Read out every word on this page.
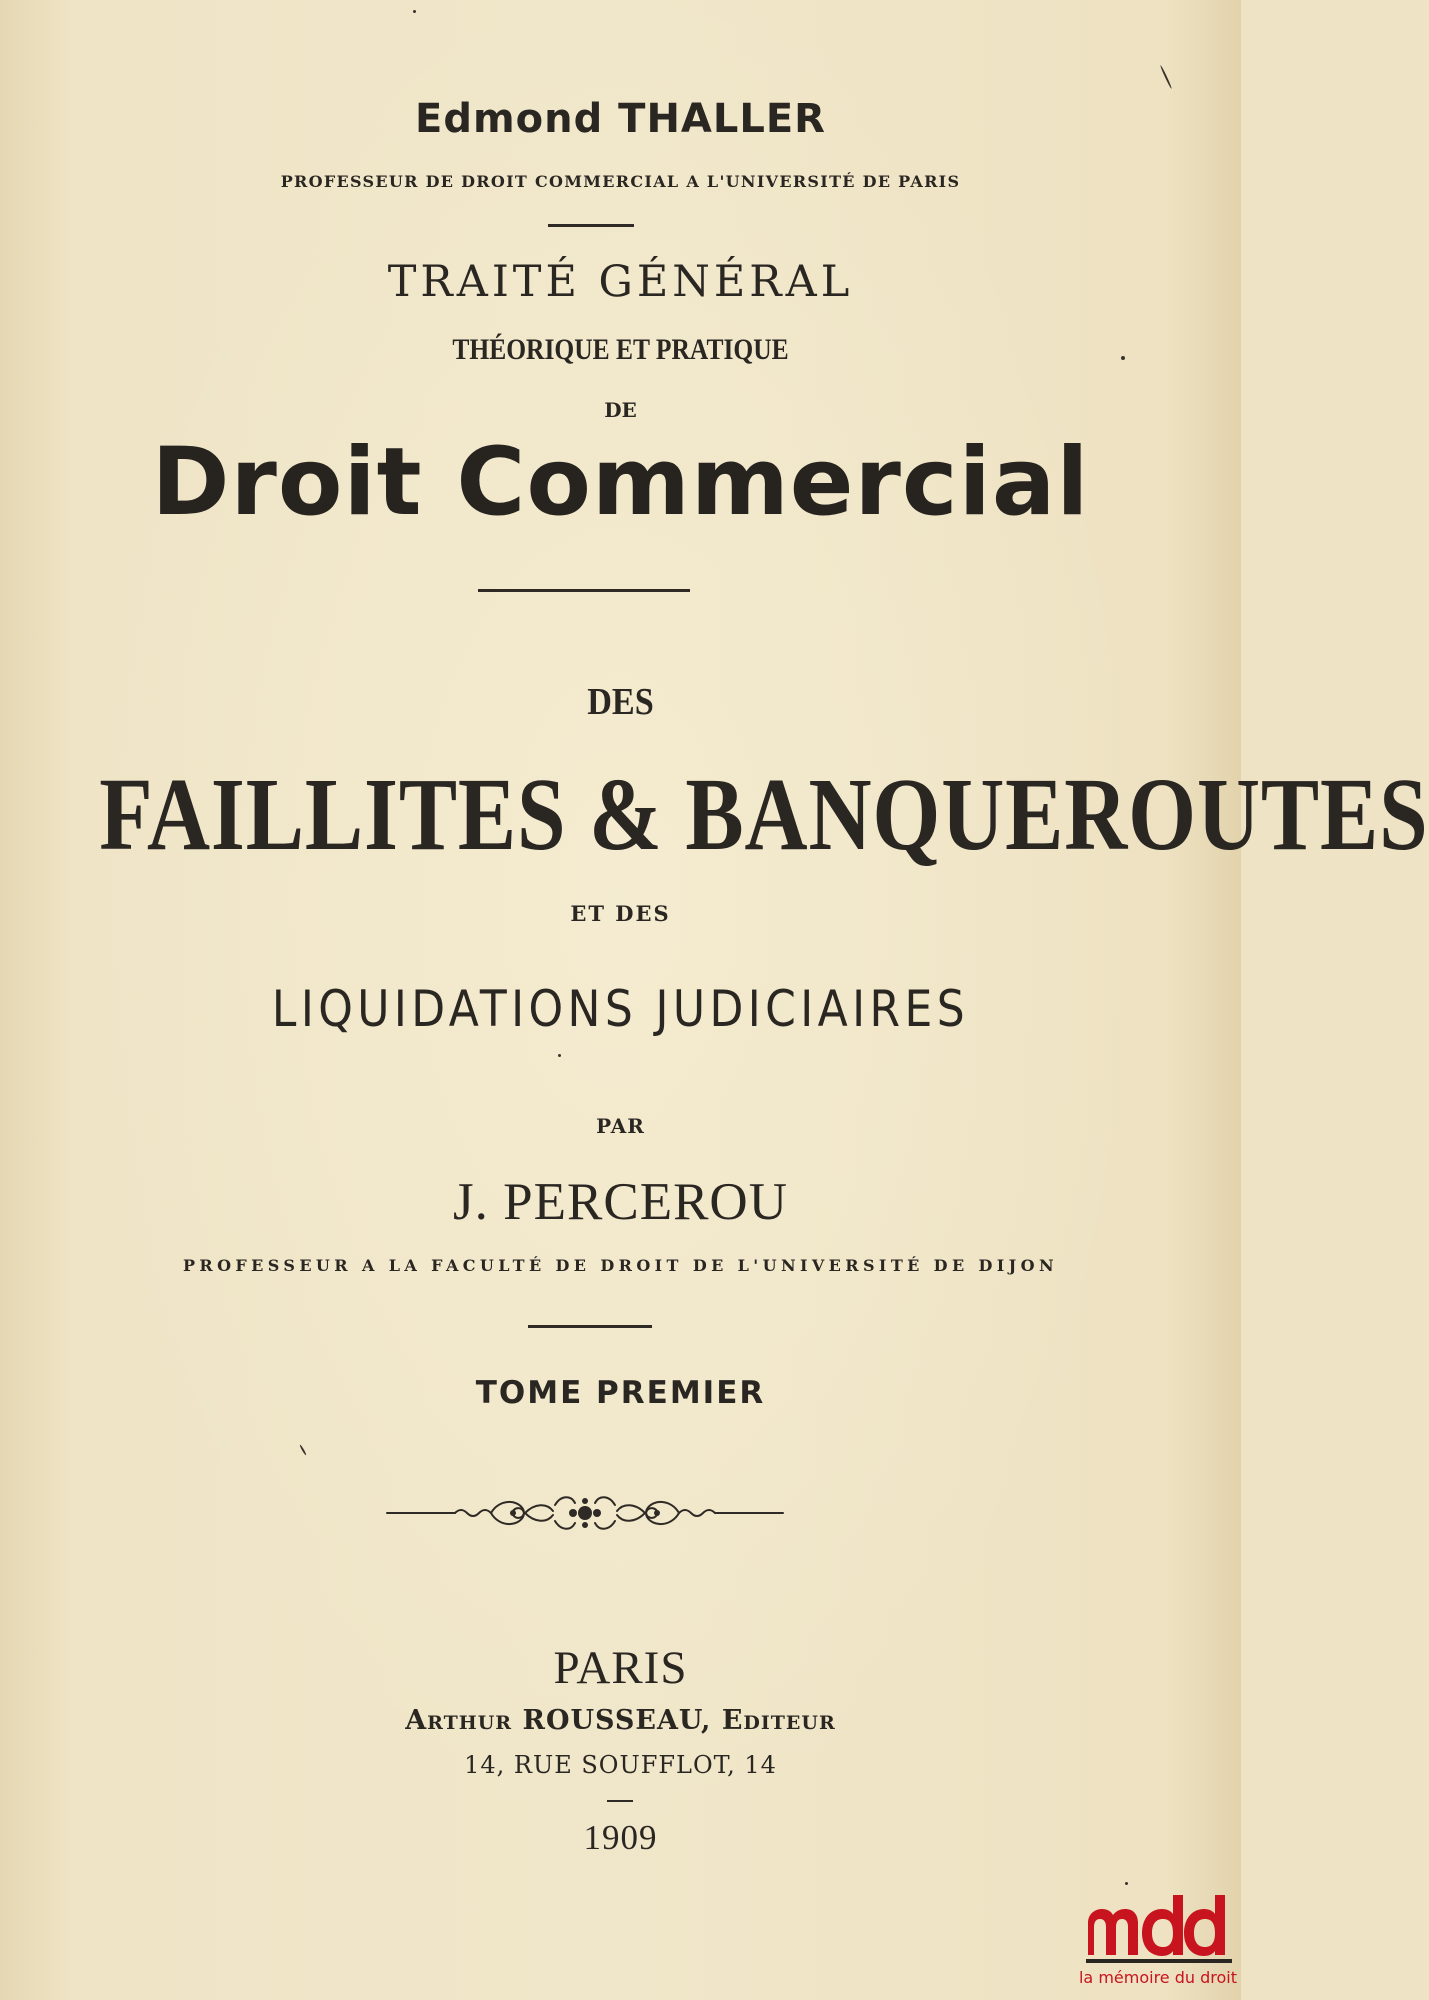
Edmond THALLER
PROFESSEUR DE DROIT COMMERCIAL A L'UNIVERSITÉ DE PARIS
TRAITÉ GÉNÉRAL
THÉORIQUE ET PRATIQUE
DE
Droit Commercial
DES
FAILLITES & BANQUEROUTES
ET DES
LIQUIDATIONS JUDICIAIRES
PAR
J. PERCEROU
PROFESSEUR A LA FACULTÉ DE DROIT DE L'UNIVERSITÉ DE DIJON
TOME PREMIER
PARIS
Arthur ROUSSEAU, Editeur
14, RUE SOUFFLOT, 14
1909
la mémoire du droit
